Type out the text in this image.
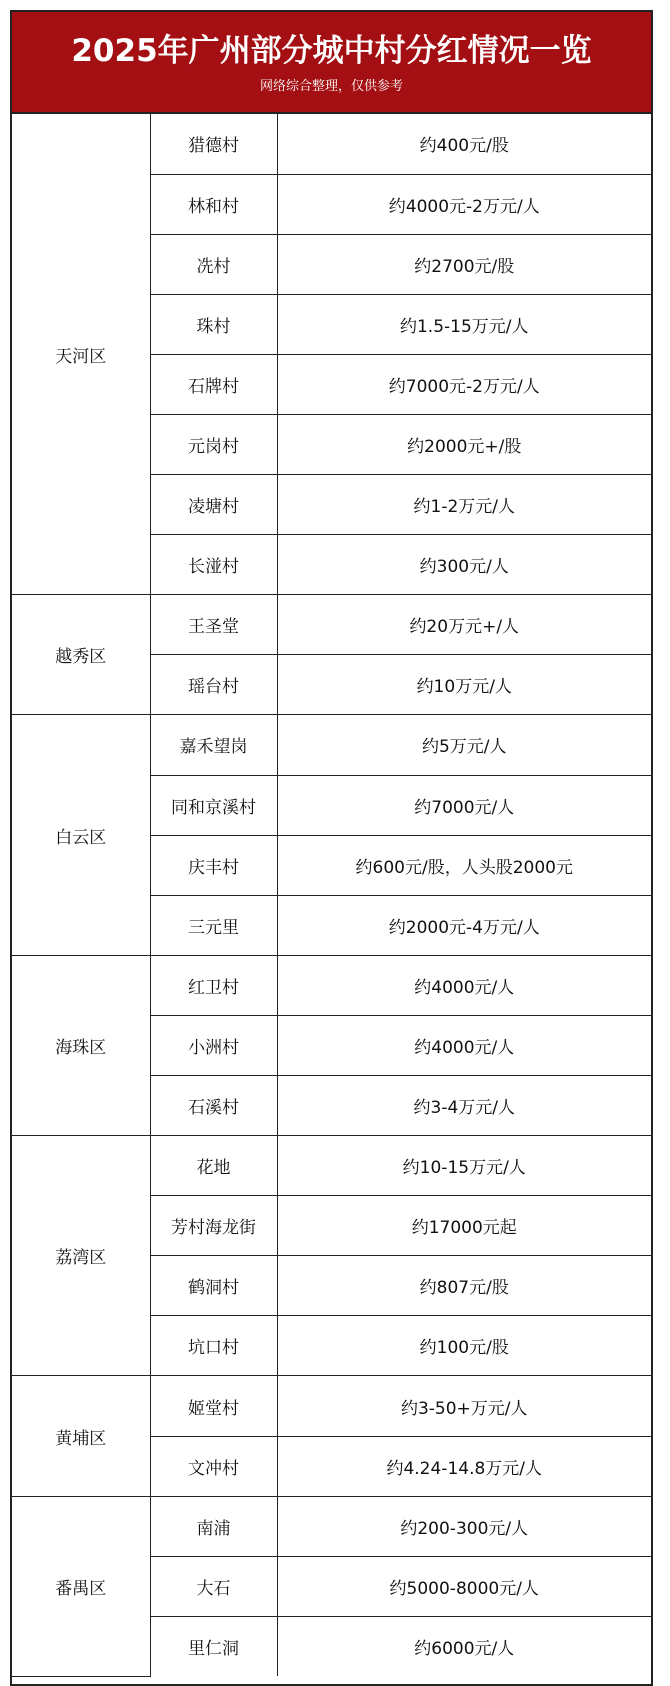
2025年广州部分城中村分红情况一览
网络综合整理，仅供参考
天河区	猎德村	约400元/股
	林和村	约4000元-2万元/人
	冼村	约2700元/股
	珠村	约1.5-15万元/人
	石牌村	约7000元-2万元/人
	元岗村	约2000元+/股
	凌塘村	约1-2万元/人
	长湴村	约300元/人
越秀区	王圣堂	约20万元+/人
	瑶台村	约10万元/人
白云区	嘉禾望岗	约5万元/人
	同和京溪村	约7000元/人
	庆丰村	约600元/股，人头股2000元
	三元里	约2000元-4万元/人
海珠区	红卫村	约4000元/人
	小洲村	约4000元/人
	石溪村	约3-4万元/人
荔湾区	花地	约10-15万元/人
	芳村海龙街	约17000元起
	鹤洞村	约807元/股
	坑口村	约100元/股
黄埔区	姬堂村	约3-50+万元/人
	文冲村	约4.24-14.8万元/人
番禺区	南浦	约200-300元/人
	大石	约5000-8000元/人
	里仁洞	约6000元/人
